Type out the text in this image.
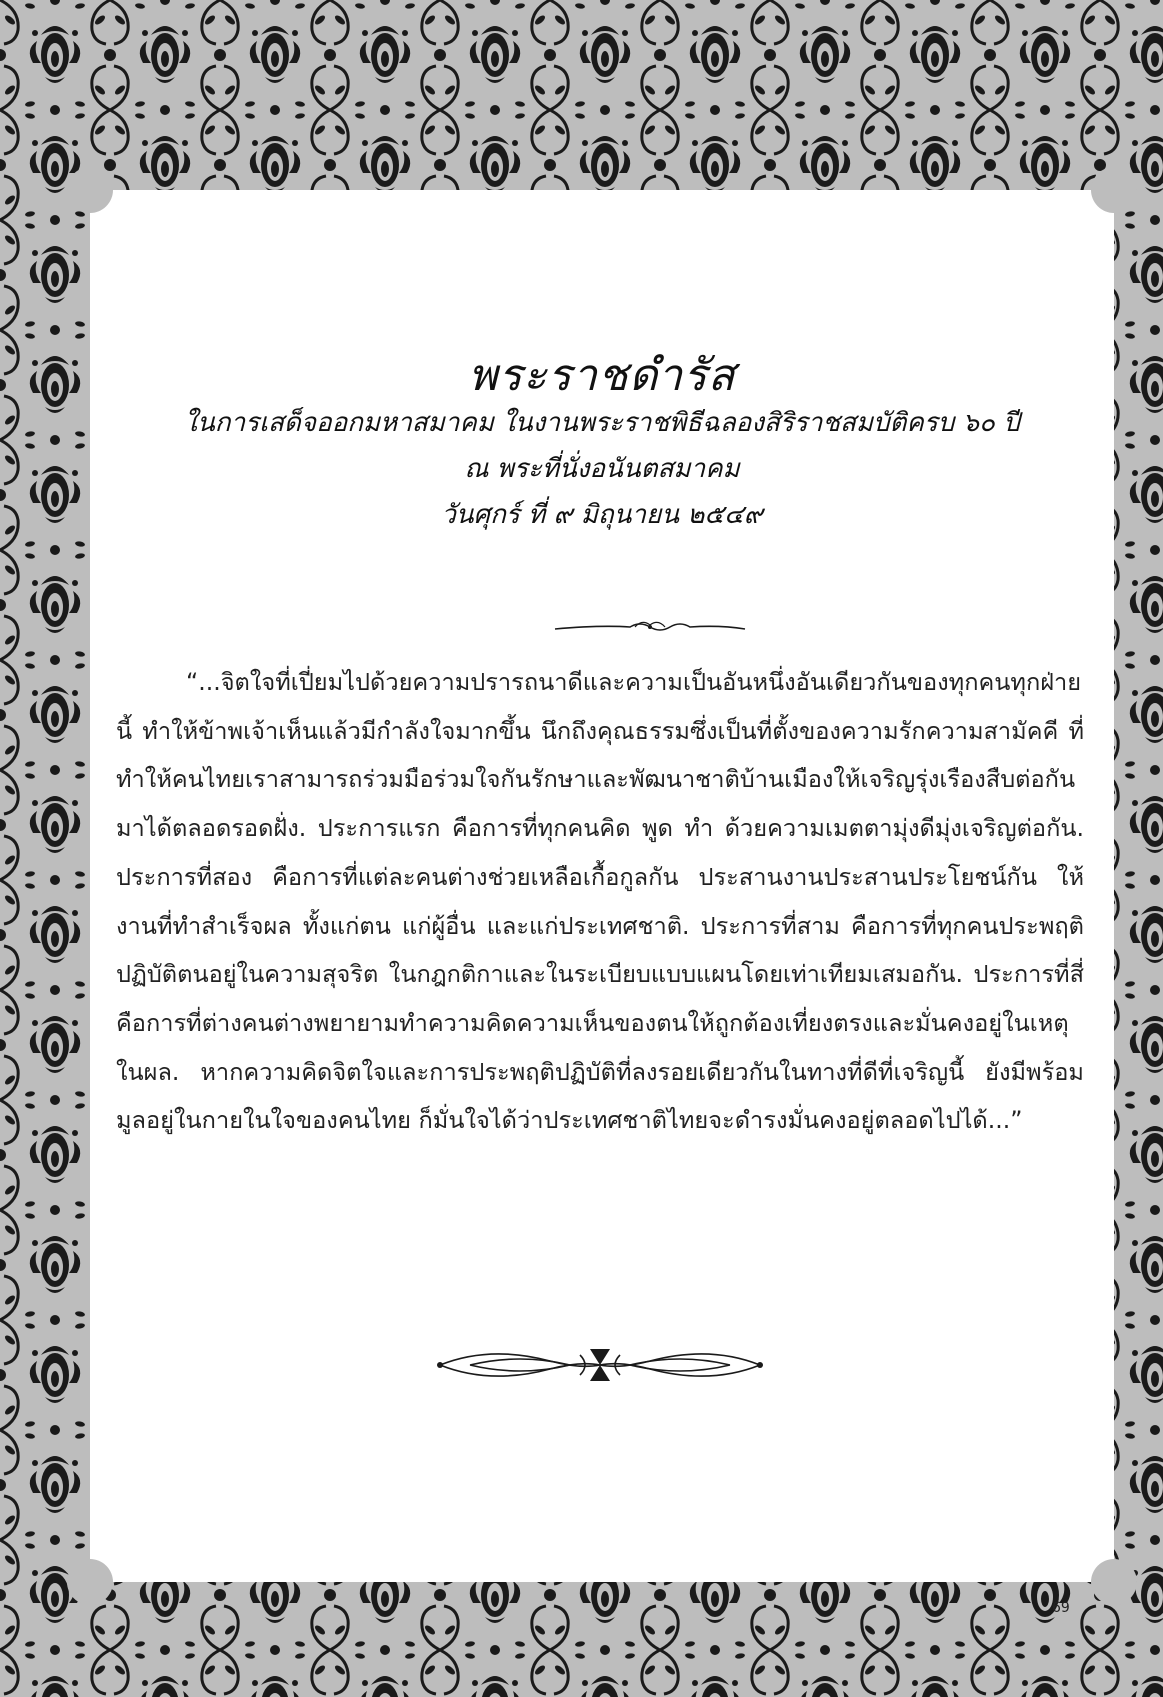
พระราชดำรัส
ในการเสด็จออกมหาสมาคม ในงานพระราชพิธีฉลองสิริราชสมบัติครบ ๖๐ ปี
ณ พระที่นั่งอนันตสมาคม
วันศุกร์ ที่ ๙ มิถุนายน ๒๕๔๙

“...จิตใจที่เปี่ยมไปด้วยความปรารถนาดีและความเป็นอันหนึ่งอันเดียวกันของทุกคนทุกฝ่ายนี้ ทำให้ข้าพเจ้าเห็นแล้วมีกำลังใจมากขึ้น นึกถึงคุณธรรมซึ่งเป็นที่ตั้งของความรักความสามัคคี ที่ทำให้คนไทยเราสามารถร่วมมือร่วมใจกันรักษาและพัฒนาชาติบ้านเมืองให้เจริญรุ่งเรืองสืบต่อกันมาได้ตลอดรอดฝั่ง. ประการแรก คือการที่ทุกคนคิด พูด ทำ ด้วยความเมตตามุ่งดีมุ่งเจริญต่อกัน. ประการที่สอง คือการที่แต่ละคนต่างช่วยเหลือเกื้อกูลกัน ประสานงานประสานประโยชน์กัน ให้งานที่ทำสำเร็จผล ทั้งแก่ตน แก่ผู้อื่น และแก่ประเทศชาติ. ประการที่สาม คือการที่ทุกคนประพฤติปฏิบัติตนอยู่ในความสุจริต ในกฎกติกาและในระเบียบแบบแผนโดยเท่าเทียมเสมอกัน. ประการที่สี่ คือการที่ต่างคนต่างพยายามทำความคิดความเห็นของตนให้ถูกต้องเที่ยงตรงและมั่นคงอยู่ในเหตุในผล. หากความคิดจิตใจและการประพฤติปฏิบัติที่ลงรอยเดียวกันในทางที่ดีที่เจริญนี้ ยังมีพร้อมมูลอยู่ในกายในใจของคนไทย ก็มั่นใจได้ว่าประเทศชาติไทยจะดำรงมั่นคงอยู่ตลอดไปได้...”

69
